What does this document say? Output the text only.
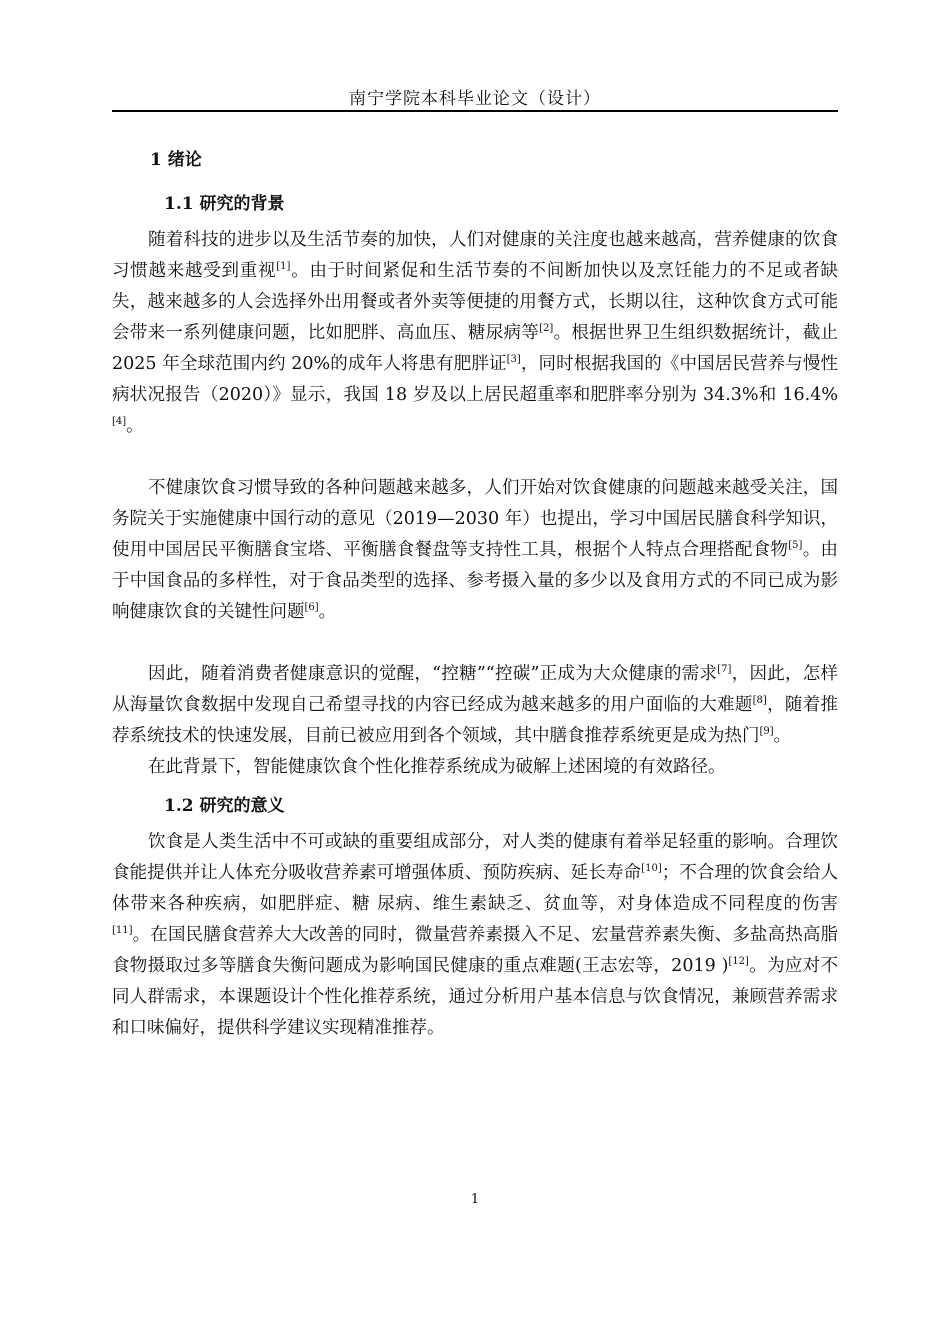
南宁学院本科毕业论文（设计）
1 绪论
1.1 研究的背景

随着科技的进步以及生活节奏的加快，人们对健康的关注度也越来越高，营养健康的饮食习惯越来越受到重视[1]。由于时间紧促和生活节奏的不间断加快以及烹饪能力的不足或者缺失，越来越多的人会选择外出用餐或者外卖等便捷的用餐方式，长期以往，这种饮食方式可能会带来一系列健康问题，比如肥胖、高血压、糖尿病等[2]。根据世界卫生组织数据统计，截止 2025 年全球范围内约 20%的成年人将患有肥胖证[3]，同时根据我国的《中国居民营养与慢性病状况报告（2020）》显示，我国 18 岁及以上居民超重率和肥胖率分别为 34.3%和 16.4%[4]。

不健康饮食习惯导致的各种问题越来越多，人们开始对饮食健康的问题越来越受关注，国务院关于实施健康中国行动的意见（2019—2030 年）也提出，学习中国居民膳食科学知识，使用中国居民平衡膳食宝塔、平衡膳食餐盘等支持性工具，根据个人特点合理搭配食物[5]。由于中国食品的多样性，对于食品类型的选择、参考摄入量的多少以及食用方式的不同已成为影响健康饮食的关键性问题[6]。

因此，随着消费者健康意识的觉醒，“控糖”“控碳”正成为大众健康的需求[7]，因此，怎样从海量饮食数据中发现自己希望寻找的内容已经成为越来越多的用户面临的大难题[8]，随着推荐系统技术的快速发展，目前已被应用到各个领域，其中膳食推荐系统更是成为热门[9]。

在此背景下，智能健康饮食个性化推荐系统成为破解上述困境的有效路径。

1.2 研究的意义

饮食是人类生活中不可或缺的重要组成部分，对人类的健康有着举足轻重的影响。合理饮食能提供并让人体充分吸收营养素可增强体质、预防疾病、延长寿命[10]；不合理的饮食会给人体带来各种疾病，如肥胖症、糖 尿病、维生素缺乏、贫血等，对身体造成不同程度的伤害[11]。在国民膳食营养大大改善的同时，微量营养素摄入不足、宏量营养素失衡、多盐高热高脂食物摄取过多等膳食失衡问题成为影响国民健康的重点难题(王志宏等，2019 )[12]。为应对不同人群需求，本课题设计个性化推荐系统，通过分析用户基本信息与饮食情况，兼顾营养需求和口味偏好，提供科学建议实现精准推荐。

1
